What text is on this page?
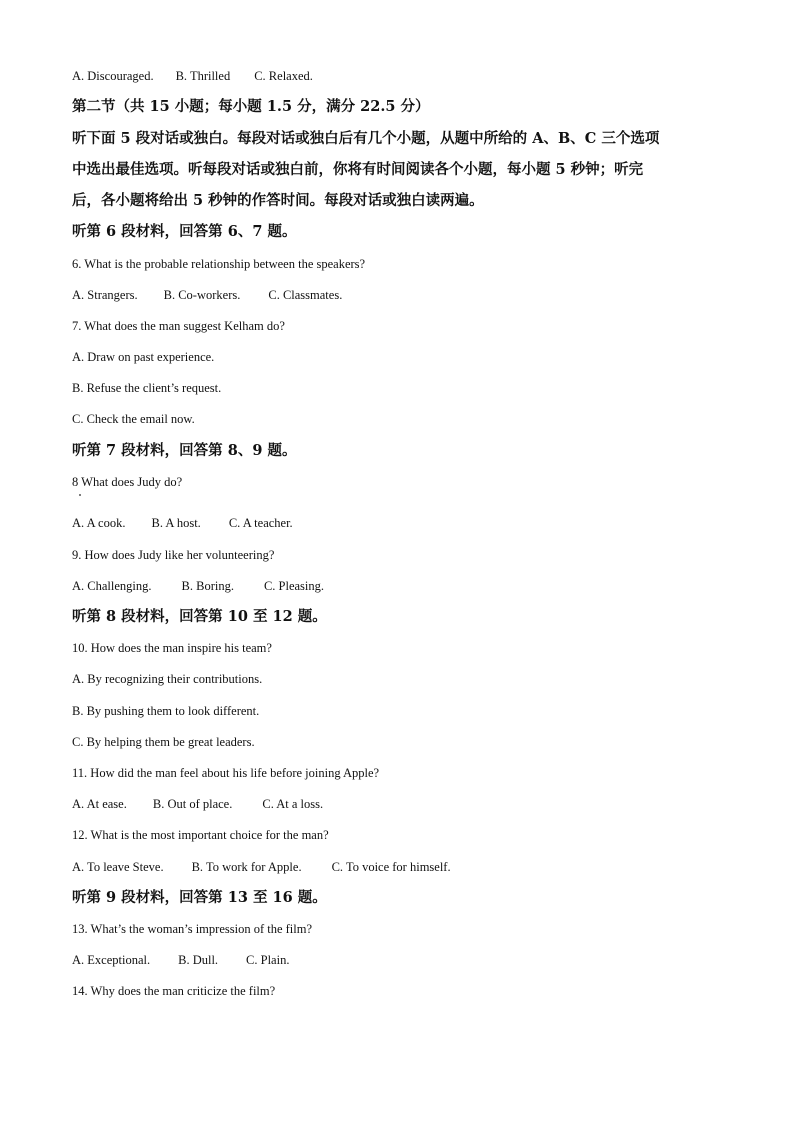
A. Discouraged. B. Thrilled C. Relaxed.
第二节（共 15 小题；每小题 1.5 分，满分 22.5 分）
听下面 5 段对话或独白。每段对话或独白后有几个小题，从题中所给的 A、B、C 三个选项
中选出最佳选项。听每段对话或独白前，你将有时间阅读各个小题，每小题 5 秒钟；听完
后，各小题将给出 5 秒钟的作答时间。每段对话或独白读两遍。
听第 6 段材料，回答第 6、7 题。
6. What is the probable relationship between the speakers?
A. Strangers. B. Co-workers. C. Classmates.
7. What does the man suggest Kelham do?
A. Draw on past experience.
B. Refuse the client’s request.
C. Check the email now.
听第 7 段材料，回答第 8、9 题。
8 What does Judy do?
A. A cook. B. A host. C. A teacher.
9. How does Judy like her volunteering?
A. Challenging. B. Boring. C. Pleasing.
听第 8 段材料，回答第 10 至 12 题。
10. How does the man inspire his team?
A. By recognizing their contributions.
B. By pushing them to look different.
C. By helping them be great leaders.
11. How did the man feel about his life before joining Apple?
A. At ease. B. Out of place. C. At a loss.
12. What is the most important choice for the man?
A. To leave Steve. B. To work for Apple. C. To voice for himself.
听第 9 段材料，回答第 13 至 16 题。
13. What’s the woman’s impression of the film?
A. Exceptional. B. Dull. C. Plain.
14. Why does the man criticize the film?
